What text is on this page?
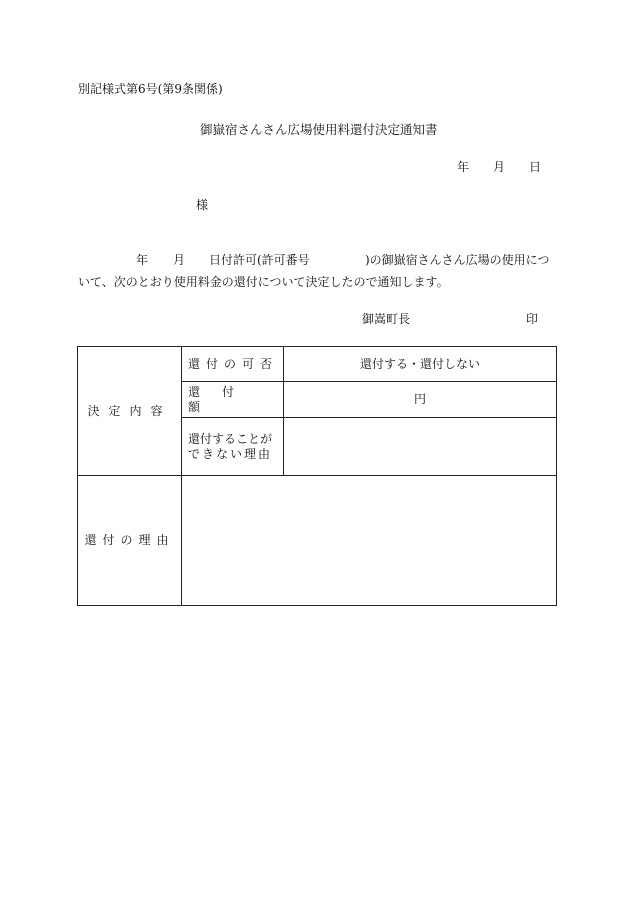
別記様式第6号(第9条関係)
御嶽宿さんさん広場使用料還付決定通知書
年 月 日
様
年 月 日付許可(許可番号	)の御嶽宿さんさん広場の使用につ
いて、次のとおり使用料金の還付について決定したので通知します。
御嵩町長	印
決定内容	還付の可否	還付する・還付しない
	還付額	円

	還付することが
できない理由	

還付の理由		
